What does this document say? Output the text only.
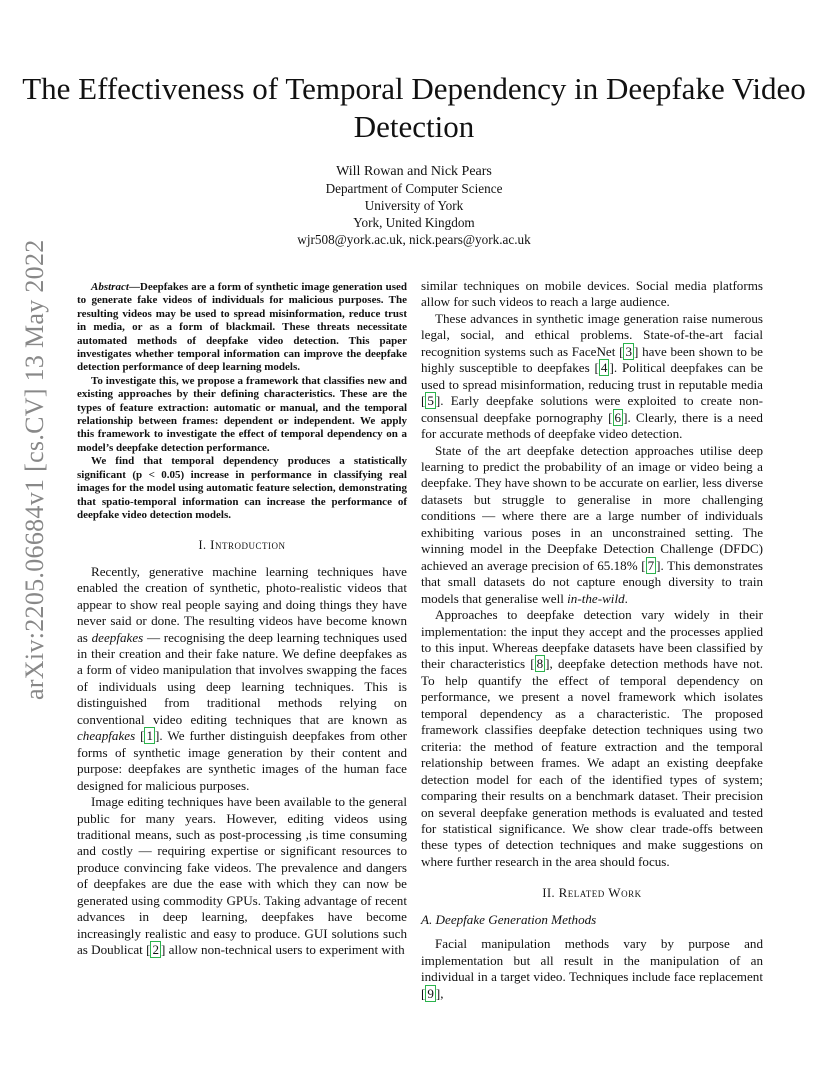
The Effectiveness of Temporal Dependency in Deepfake Video Detection
Will Rowan and Nick Pears
Department of Computer Science
University of York
York, United Kingdom
wjr508@york.ac.uk, nick.pears@york.ac.uk
arXiv:2205.06684v1 [cs.CV] 13 May 2022	Abstract—Deepfakes are a form of synthetic image generation used to generate fake videos of individuals for malicious purposes. The resulting videos may be used to spread misinformation, reduce trust in media, or as a form of blackmail. These threats necessitate automated methods of deepfake video detection. This paper investigates whether temporal information can improve the deepfake detection performance of deep learning models.

To investigate this, we propose a framework that classifies new and existing approaches by their defining characteristics. These are the types of feature extraction: automatic or manual, and the temporal relationship between frames: dependent or independent. We apply this framework to investigate the effect of temporal dependency on a model’s deepfake detection performance.

We find that temporal dependency produces a statistically significant (p < 0.05) increase in performance in classifying real images for the model using automatic feature selection, demonstrating that spatio-temporal information can increase the performance of deepfake video detection models.

I. Introduction

Recently, generative machine learning techniques have enabled the creation of synthetic, photo-realistic videos that appear to show real people saying and doing things they have never said or done. The resulting videos have become known as deepfakes — recognising the deep learning techniques used in their creation and their fake nature. We define deepfakes as a form of video manipulation that involves swapping the faces of individuals using deep learning techniques. This is distinguished from traditional methods relying on conventional video editing techniques that are known as cheapfakes [ 1 ]. We further distinguish deepfakes from other forms of synthetic image generation by their content and purpose: deepfakes are synthetic images of the human face designed for malicious purposes.

Image editing techniques have been available to the general public for many years. However, editing videos using traditional means, such as post-processing ,is time consuming and costly — requiring expertise or significant resources to produce convincing fake videos. The prevalence and dangers of deepfakes are due the ease with which they can now be generated using commodity GPUs. Taking advantage of recent advances in deep learning, deepfakes have become increasingly realistic and easy to produce. GUI solutions such as Doublicat [ 2 ] allow non-technical users to experiment with

similar techniques on mobile devices. Social media platforms allow for such videos to reach a large audience.

These advances in synthetic image generation raise numerous legal, social, and ethical problems. State-of-the-art facial recognition systems such as FaceNet [ 3 ] have been shown to be highly susceptible to deepfakes [ 4 ]. Political deepfakes can be used to spread misinformation, reducing trust in reputable media [ 5 ]. Early deepfake solutions were exploited to create non-consensual deepfake pornography [ 6 ]. Clearly, there is a need for accurate methods of deepfake video detection.

State of the art deepfake detection approaches utilise deep learning to predict the probability of an image or video being a deepfake. They have shown to be accurate on earlier, less diverse datasets but struggle to generalise in more challenging conditions — where there are a large number of individuals exhibiting various poses in an unconstrained setting. The winning model in the Deepfake Detection Challenge (DFDC) achieved an average precision of 65.18% [ 7 ]. This demonstrates that small datasets do not capture enough diversity to train models that generalise well in-the-wild.

Approaches to deepfake detection vary widely in their implementation: the input they accept and the processes applied to this input. Whereas deepfake datasets have been classified by their characteristics [ 8 ], deepfake detection methods have not. To help quantify the effect of temporal dependency on performance, we present a novel framework which isolates temporal dependency as a characteristic. The proposed framework classifies deepfake detection techniques using two criteria: the method of feature extraction and the temporal relationship between frames. We adapt an existing deepfake detection model for each of the identified types of system; comparing their results on a benchmark dataset. Their precision on several deepfake generation methods is evaluated and tested for statistical significance. We show clear trade-offs between these types of detection techniques and make suggestions on where further research in the area should focus.

II. Related Work

A. Deepfake Generation Methods

Facial manipulation methods vary by purpose and implementation but all result in the manipulation of an individual in a target video. Techniques include face replacement [ 9 ],
